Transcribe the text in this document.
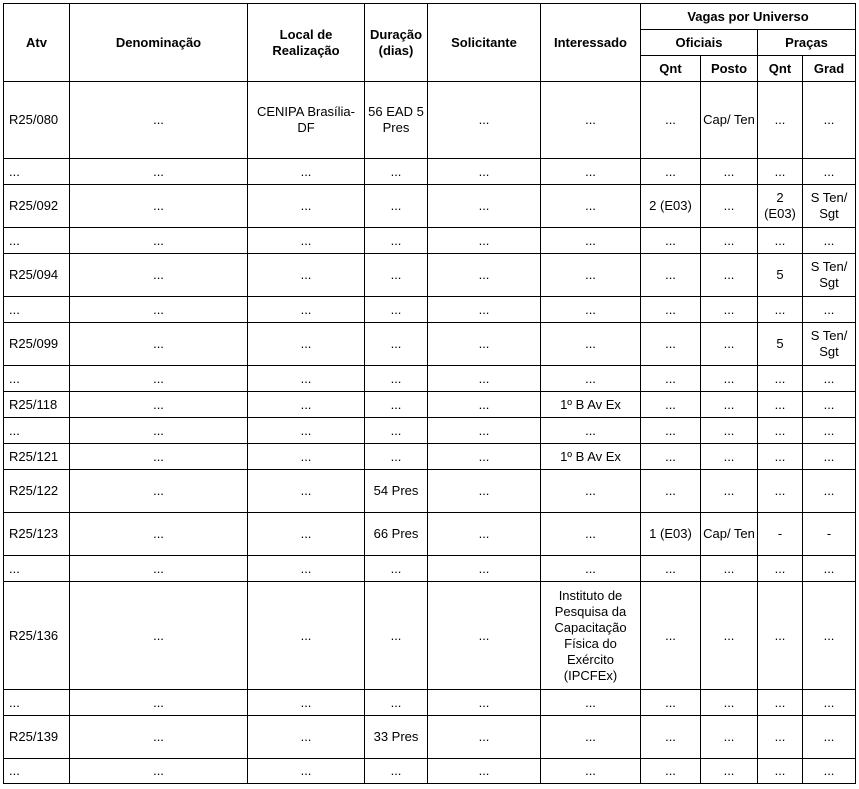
Atv	Denominação	Local de Realização	Duração (dias)	Solicitante	Interessado	Vagas por Universo			
						Oficiais		Praças	
						Qnt	Posto	Qnt	Grad
R25/080	...	CENIPA Brasília-DF	56 EAD 5 Pres	...	...	...	Cap/ Ten	...	...
...	...	...	...	...	...	...	...	...	...
R25/092	...	...	...	...	...	2 (E03)	...	2 (E03)	S Ten/ Sgt
...	...	...	...	...	...	...	...	...	...
R25/094	...	...	...	...	...	...	...	5	S Ten/ Sgt
...	...	...	...	...	...	...	...	...	...
R25/099	...	...	...	...	...	...	...	5	S Ten/ Sgt
...	...	...	...	...	...	...	...	...	...
R25/118	...	...	...	...	1º B Av Ex	...	...	...	...
...	...	...	...	...	...	...	...	...	...
R25/121	...	...	...	...	1º B Av Ex	...	...	...	...
R25/122	...	...	54 Pres	...	...	...	...	...	...
R25/123	...	...	66 Pres	...	...	1 (E03)	Cap/ Ten	-	-
...	...	...	...	...	...	...	...	...	...
R25/136	...	...	...	...	Instituto de Pesquisa da Capacitação Física do Exército (IPCFEx)	...	...	...	...
...	...	...	...	...	...	...	...	...	...
R25/139	...	...	33 Pres	...	...	...	...	...	...
...	...	...	...	...	...	...	...	...	...
